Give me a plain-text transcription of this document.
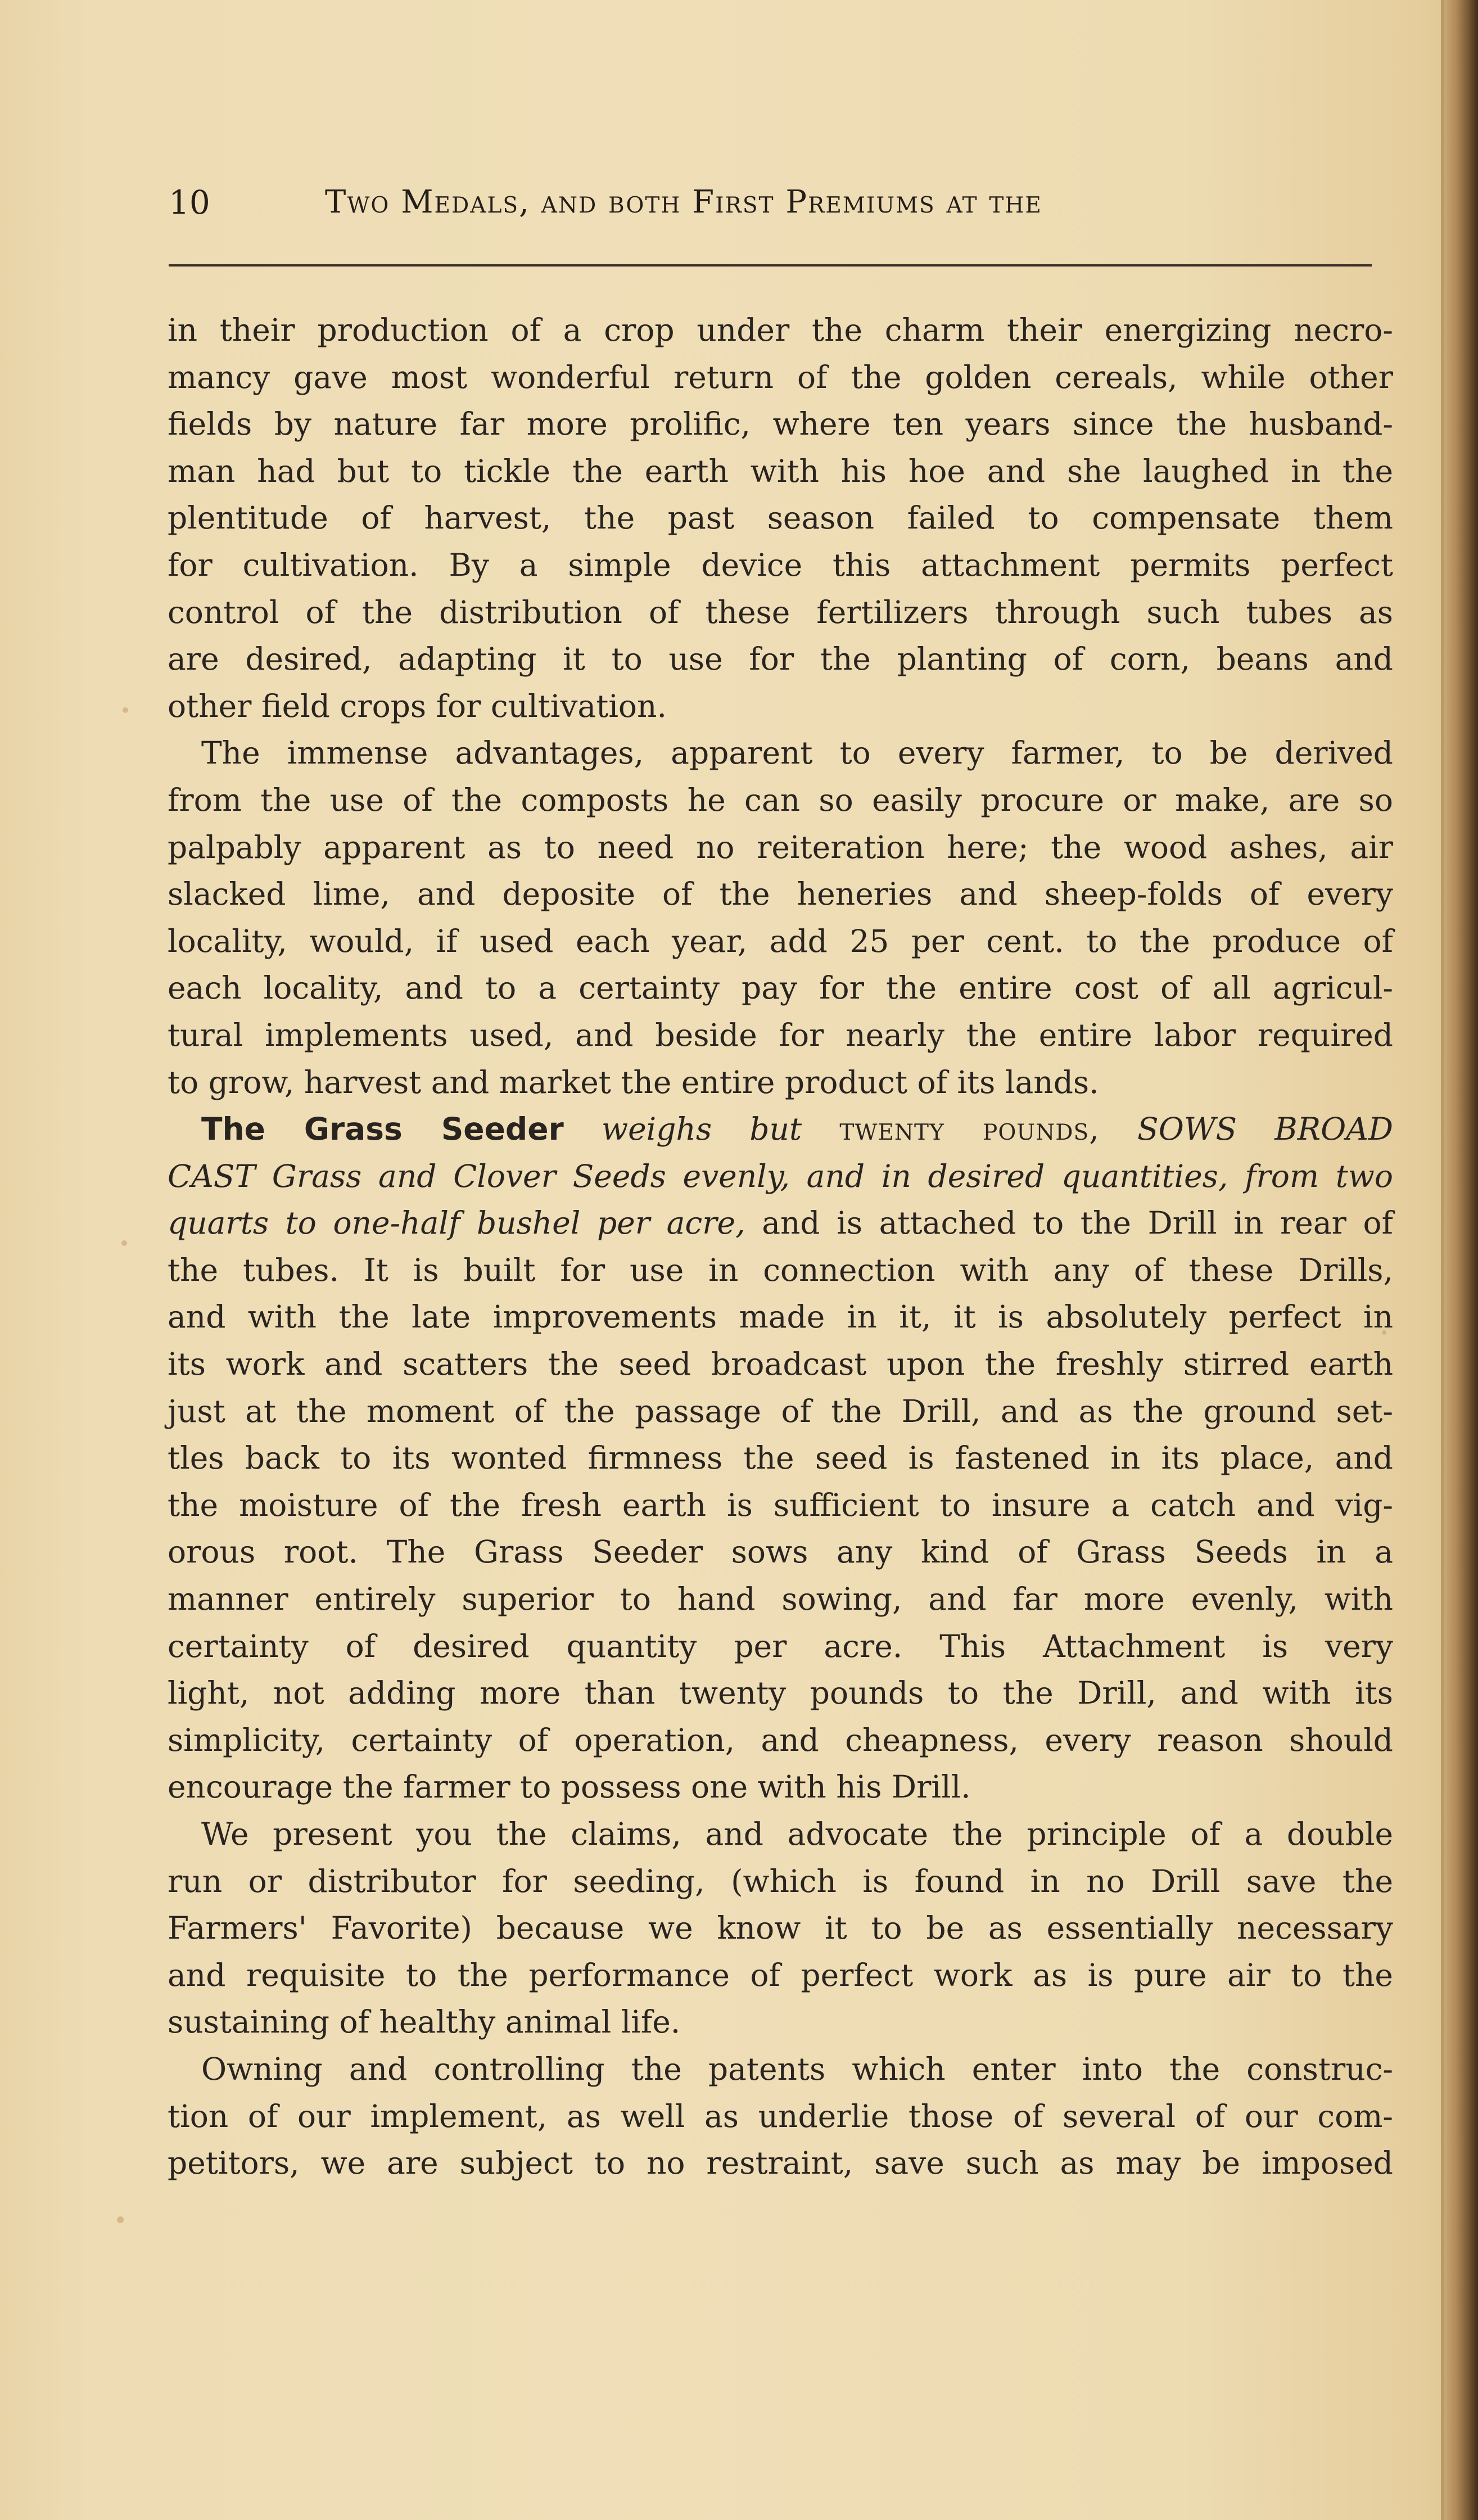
10	Two Medals, and both First Premiums at the
in their production of a crop under the charm their energizing necro-
mancy gave most wonderful return of the golden cereals, while other
fields by nature far more prolific, where ten years since the husband-
man had but to tickle the earth with his hoe and she laughed in the
plentitude of harvest, the past season failed to compensate them
for cultivation. By a simple device this attachment permits perfect
control of the distribution of these fertilizers through such tubes as
are desired, adapting it to use for the planting of corn, beans and
other field crops for cultivation.
The immense advantages, apparent to every farmer, to be derived
from the use of the composts he can so easily procure or make, are so
palpably apparent as to need no reiteration here; the wood ashes, air
slacked lime, and deposite of the heneries and sheep-folds of every
locality, would, if used each year, add 25 per cent. to the produce of
each locality, and to a certainty pay for the entire cost of all agricul-
tural implements used, and beside for nearly the entire labor required
to grow, harvest and market the entire product of its lands.
The Grass Seeder weighs but twenty pounds, SOWS BROAD
CAST Grass and Clover Seeds evenly, and in desired quantities, from two
quarts to one-half bushel per acre, and is attached to the Drill in rear of
the tubes. It is built for use in connection with any of these Drills,
and with the late improvements made in it, it is absolutely perfect in
its work and scatters the seed broadcast upon the freshly stirred earth
just at the moment of the passage of the Drill, and as the ground set-
tles back to its wonted firmness the seed is fastened in its place, and
the moisture of the fresh earth is sufficient to insure a catch and vig-
orous root. The Grass Seeder sows any kind of Grass Seeds in a
manner entirely superior to hand sowing, and far more evenly, with
certainty of desired quantity per acre. This Attachment is very
light, not adding more than twenty pounds to the Drill, and with its
simplicity, certainty of operation, and cheapness, every reason should
encourage the farmer to possess one with his Drill.
We present you the claims, and advocate the principle of a double
run or distributor for seeding, (which is found in no Drill save the
Farmers' Favorite) because we know it to be as essentially necessary
and requisite to the performance of perfect work as is pure air to the
sustaining of healthy animal life.
Owning and controlling the patents which enter into the construc-
tion of our implement, as well as underlie those of several of our com-
petitors, we are subject to no restraint, save such as may be imposed
